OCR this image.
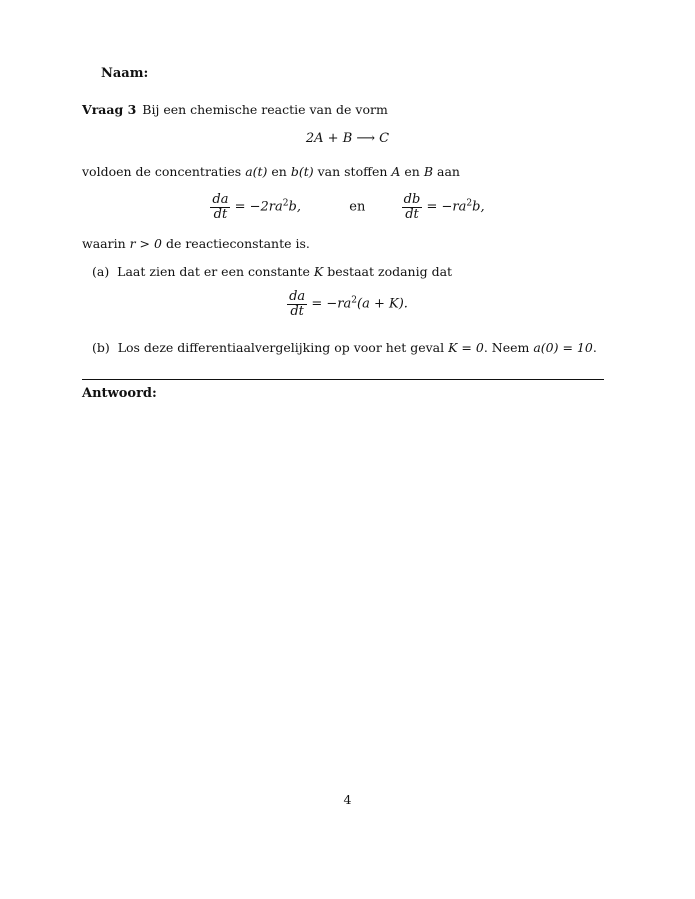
Naam:
Vraag 3 Bij een chemische reactie van de vorm
2A + B ⟶ C
voldoen de concentraties a(t) en b(t) van stoffen A en B aan
$\frac{da}{dt} = -2ra^2b$,	en	$\frac{db}{dt} = -ra^2b$,
waarin r > 0 de reactieconstante is.
(a) Laat zien dat er een constante K bestaat zodanig dat
$\frac{da}{dt} = -ra^2(a + K)$.
(b) Los deze differentiaalvergelijking op voor het geval K = 0. Neem a(0) = 10.
Antwoord:
4
